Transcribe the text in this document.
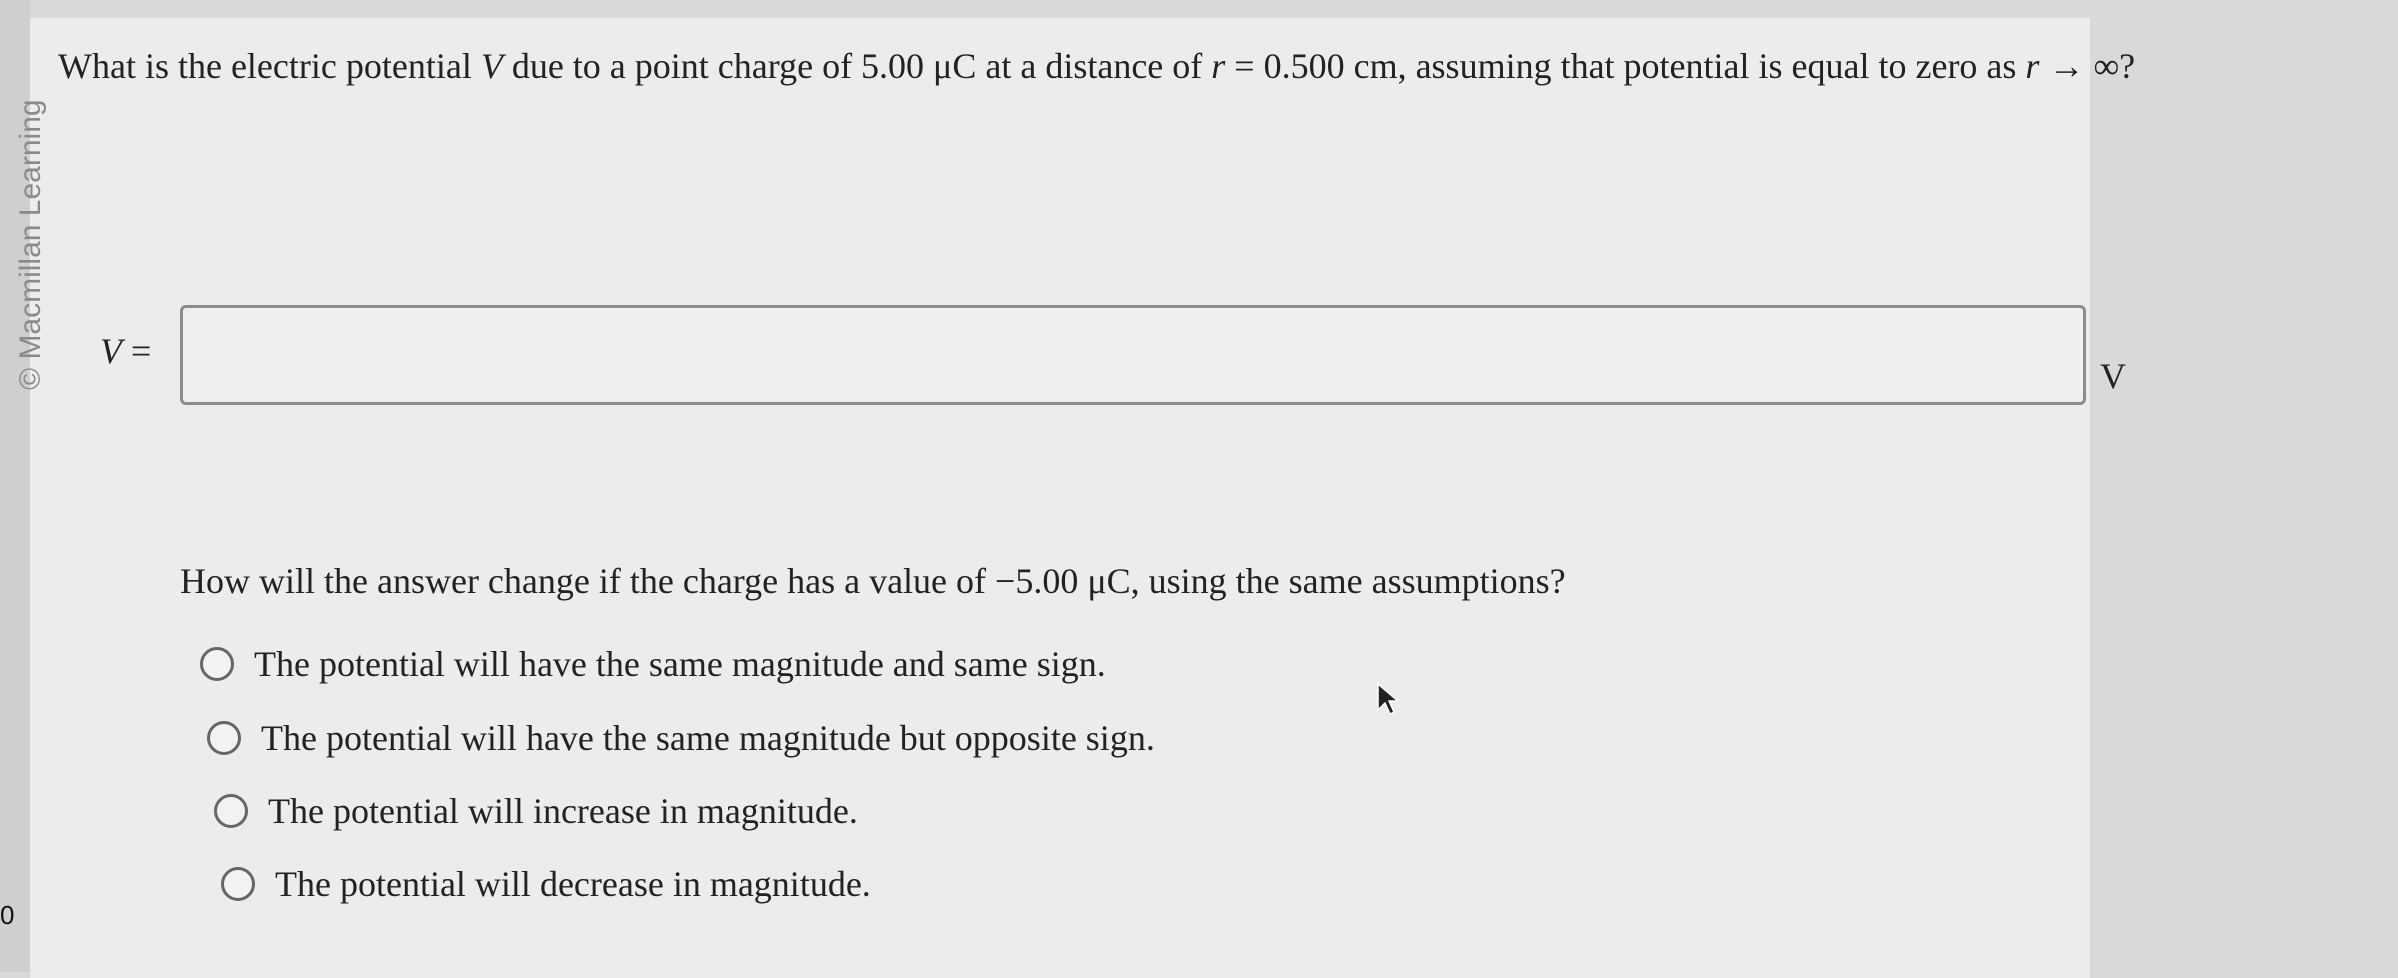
0
© Macmillan Learning
What is the electric potential V due to a point charge of 5.00 μC at a distance of r = 0.500 cm, assuming that potential is equal to zero as r → ∞?
V =
V
How will the answer change if the charge has a value of −5.00 μC, using the same assumptions?
The potential will have the same magnitude and same sign.
The potential will have the same magnitude but opposite sign.
The potential will increase in magnitude.
The potential will decrease in magnitude.
